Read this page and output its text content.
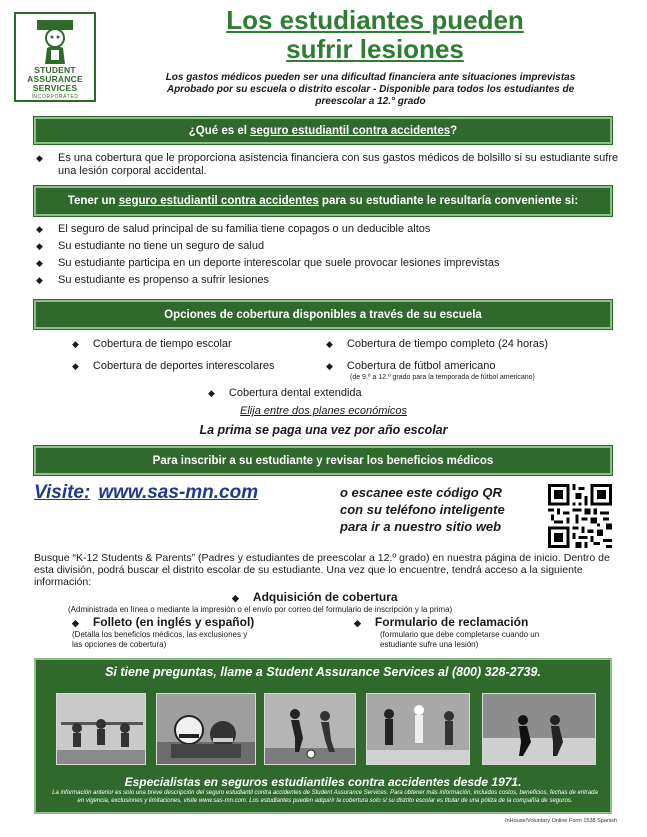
STUDENT
ASSURANCE
SERVICES
INCORPORATED
Los estudiantes pueden
sufrir lesiones
Los gastos médicos pueden ser una dificultad financiera ante situaciones imprevistas
Aprobado por su escuela o distrito escolar - Disponible para todos los estudiantes de
preescolar a 12.° grado
¿Qué es el seguro estudiantil contra accidentes?
◆ Es una cobertura que le proporciona asistencia financiera con sus gastos médicos de bolsillo si su estudiante sufre una lesión corporal accidental.
Tener un seguro estudiantil contra accidentes para su estudiante le resultaría conveniente si:
◆ El seguro de salud principal de su familia tiene copagos o un deducible altos
◆ Su estudiante no tiene un seguro de salud
◆ Su estudiante participa en un deporte interescolar que suele provocar lesiones imprevistas
◆ Su estudiante es propenso a sufrir lesiones
Opciones de cobertura disponibles a través de su escuela
◆ Cobertura de tiempo escolar	◆ Cobertura de tiempo completo (24 horas)
◆ Cobertura de deportes interescolares	◆ Cobertura de fútbol americano
(de 9.º a 12.º grado para la temporada de fútbol americano)
◆ Cobertura dental extendida
Elija entre dos planes económicos
La prima se paga una vez por año escolar
Para inscribir a su estudiante y revisar los beneficios médicos
Visite: www.sas-mn.com	o escanee este código QR
con su teléfono inteligente
para ir a nuestro sitio web
Busque “K-12 Students & Parents” (Padres y estudiantes de preescolar a 12.º grado) en nuestra página de inicio. Dentro de esta división, podrá buscar el distrito escolar de su estudiante. Una vez que lo encuentre, tendrá acceso a la siguiente información:
◆ Adquisición de cobertura
(Administrada en línea o mediante la impresión o el envío por correo del formulario de inscripción y la prima)
◆ Folleto (en inglés y español)
(Detalla los beneficios médicos, las exclusiones y
las opciones de cobertura)
◆ Formulario de reclamación
(formulario que debe completarse cuando un
estudiante sufre una lesión)
Si tiene preguntas, llame a Student Assurance Services al (800) 328-2739.
Especialistas en seguros estudiantiles contra accidentes desde 1971.
La información anterior es solo una breve descripción del seguro estudiantil contra accidentes de Student Assurance Services. Para obtener más información, incluidos costos, beneficios, fechas de entrada en vigencia, exclusiones y limitaciones, visite www.sas-mn.com. Los estudiantes pueden adquirir la cobertura solo si su distrito escolar es titular de una póliza de la compañía de seguros.
InHouse/Voluntary Online Form 1538 Spanish
